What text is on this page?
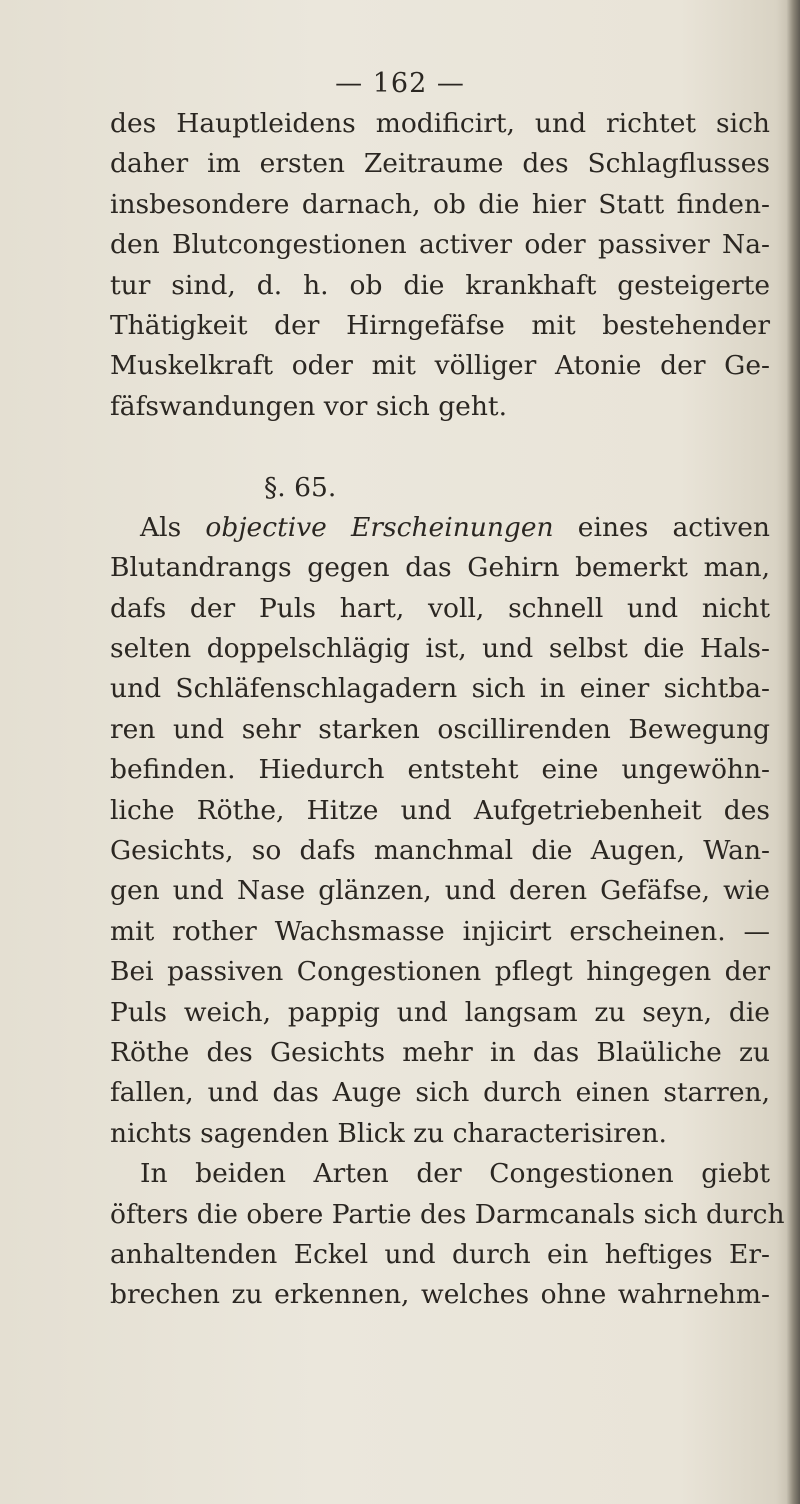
— 162 —
des Hauptleidens modificirt, und richtet sich
daher im ersten Zeitraume des Schlagflusses
insbesondere darnach, ob die hier Statt finden-
den Blutcongestionen activer oder passiver Na-
tur sind, d. h. ob die krankhaft gesteigerte
Thätigkeit der Hirngefäfse mit bestehender
Muskelkraft oder mit völliger Atonie der Ge-
fäfswandungen vor sich geht.
§. 65.
Als objective Erscheinungen eines activen
Blutandrangs gegen das Gehirn bemerkt man,
dafs der Puls hart, voll, schnell und nicht
selten doppelschlägig ist, und selbst die Hals-
und Schläfenschlagadern sich in einer sichtba-
ren und sehr starken oscillirenden Bewegung
befinden. Hiedurch entsteht eine ungewöhn-
liche Röthe, Hitze und Aufgetriebenheit des
Gesichts, so dafs manchmal die Augen, Wan-
gen und Nase glänzen, und deren Gefäfse, wie
mit rother Wachsmasse injicirt erscheinen. —
Bei passiven Congestionen pflegt hingegen der
Puls weich, pappig und langsam zu seyn, die
Röthe des Gesichts mehr in das Blaüliche zu
fallen, und das Auge sich durch einen starren,
nichts sagenden Blick zu characterisiren.
In beiden Arten der Congestionen giebt
öfters die obere Partie des Darmcanals sich durch
anhaltenden Eckel und durch ein heftiges Er-
brechen zu erkennen, welches ohne wahrnehm-
